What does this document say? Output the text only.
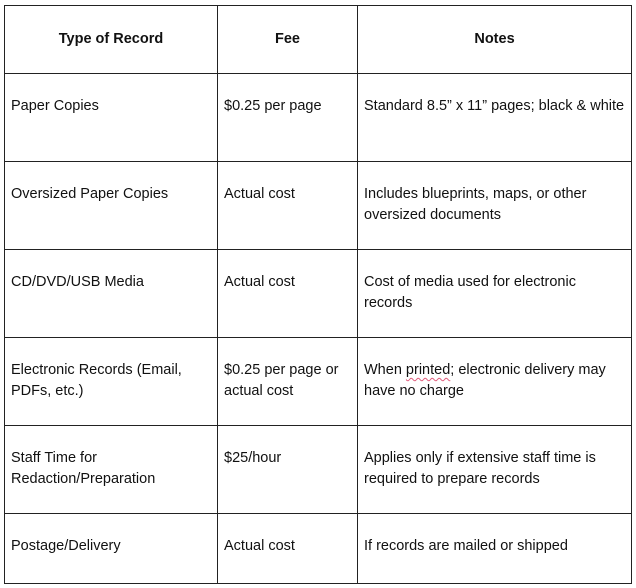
Type of Record	Fee	Notes
Paper Copies	$0.25 per page	Standard 8.5” x 11” pages; black & white
Oversized Paper Copies	Actual cost	Includes blueprints, maps, or other oversized documents
CD/DVD/USB Media	Actual cost	Cost of media used for electronic records
Electronic Records (Email, PDFs, etc.)	$0.25 per page or actual cost	When printed; electronic delivery may have no charge
Staff Time for Redaction/Preparation	$25/hour	Applies only if extensive staff time is required to prepare records
Postage/Delivery	Actual cost	If records are mailed or shipped
